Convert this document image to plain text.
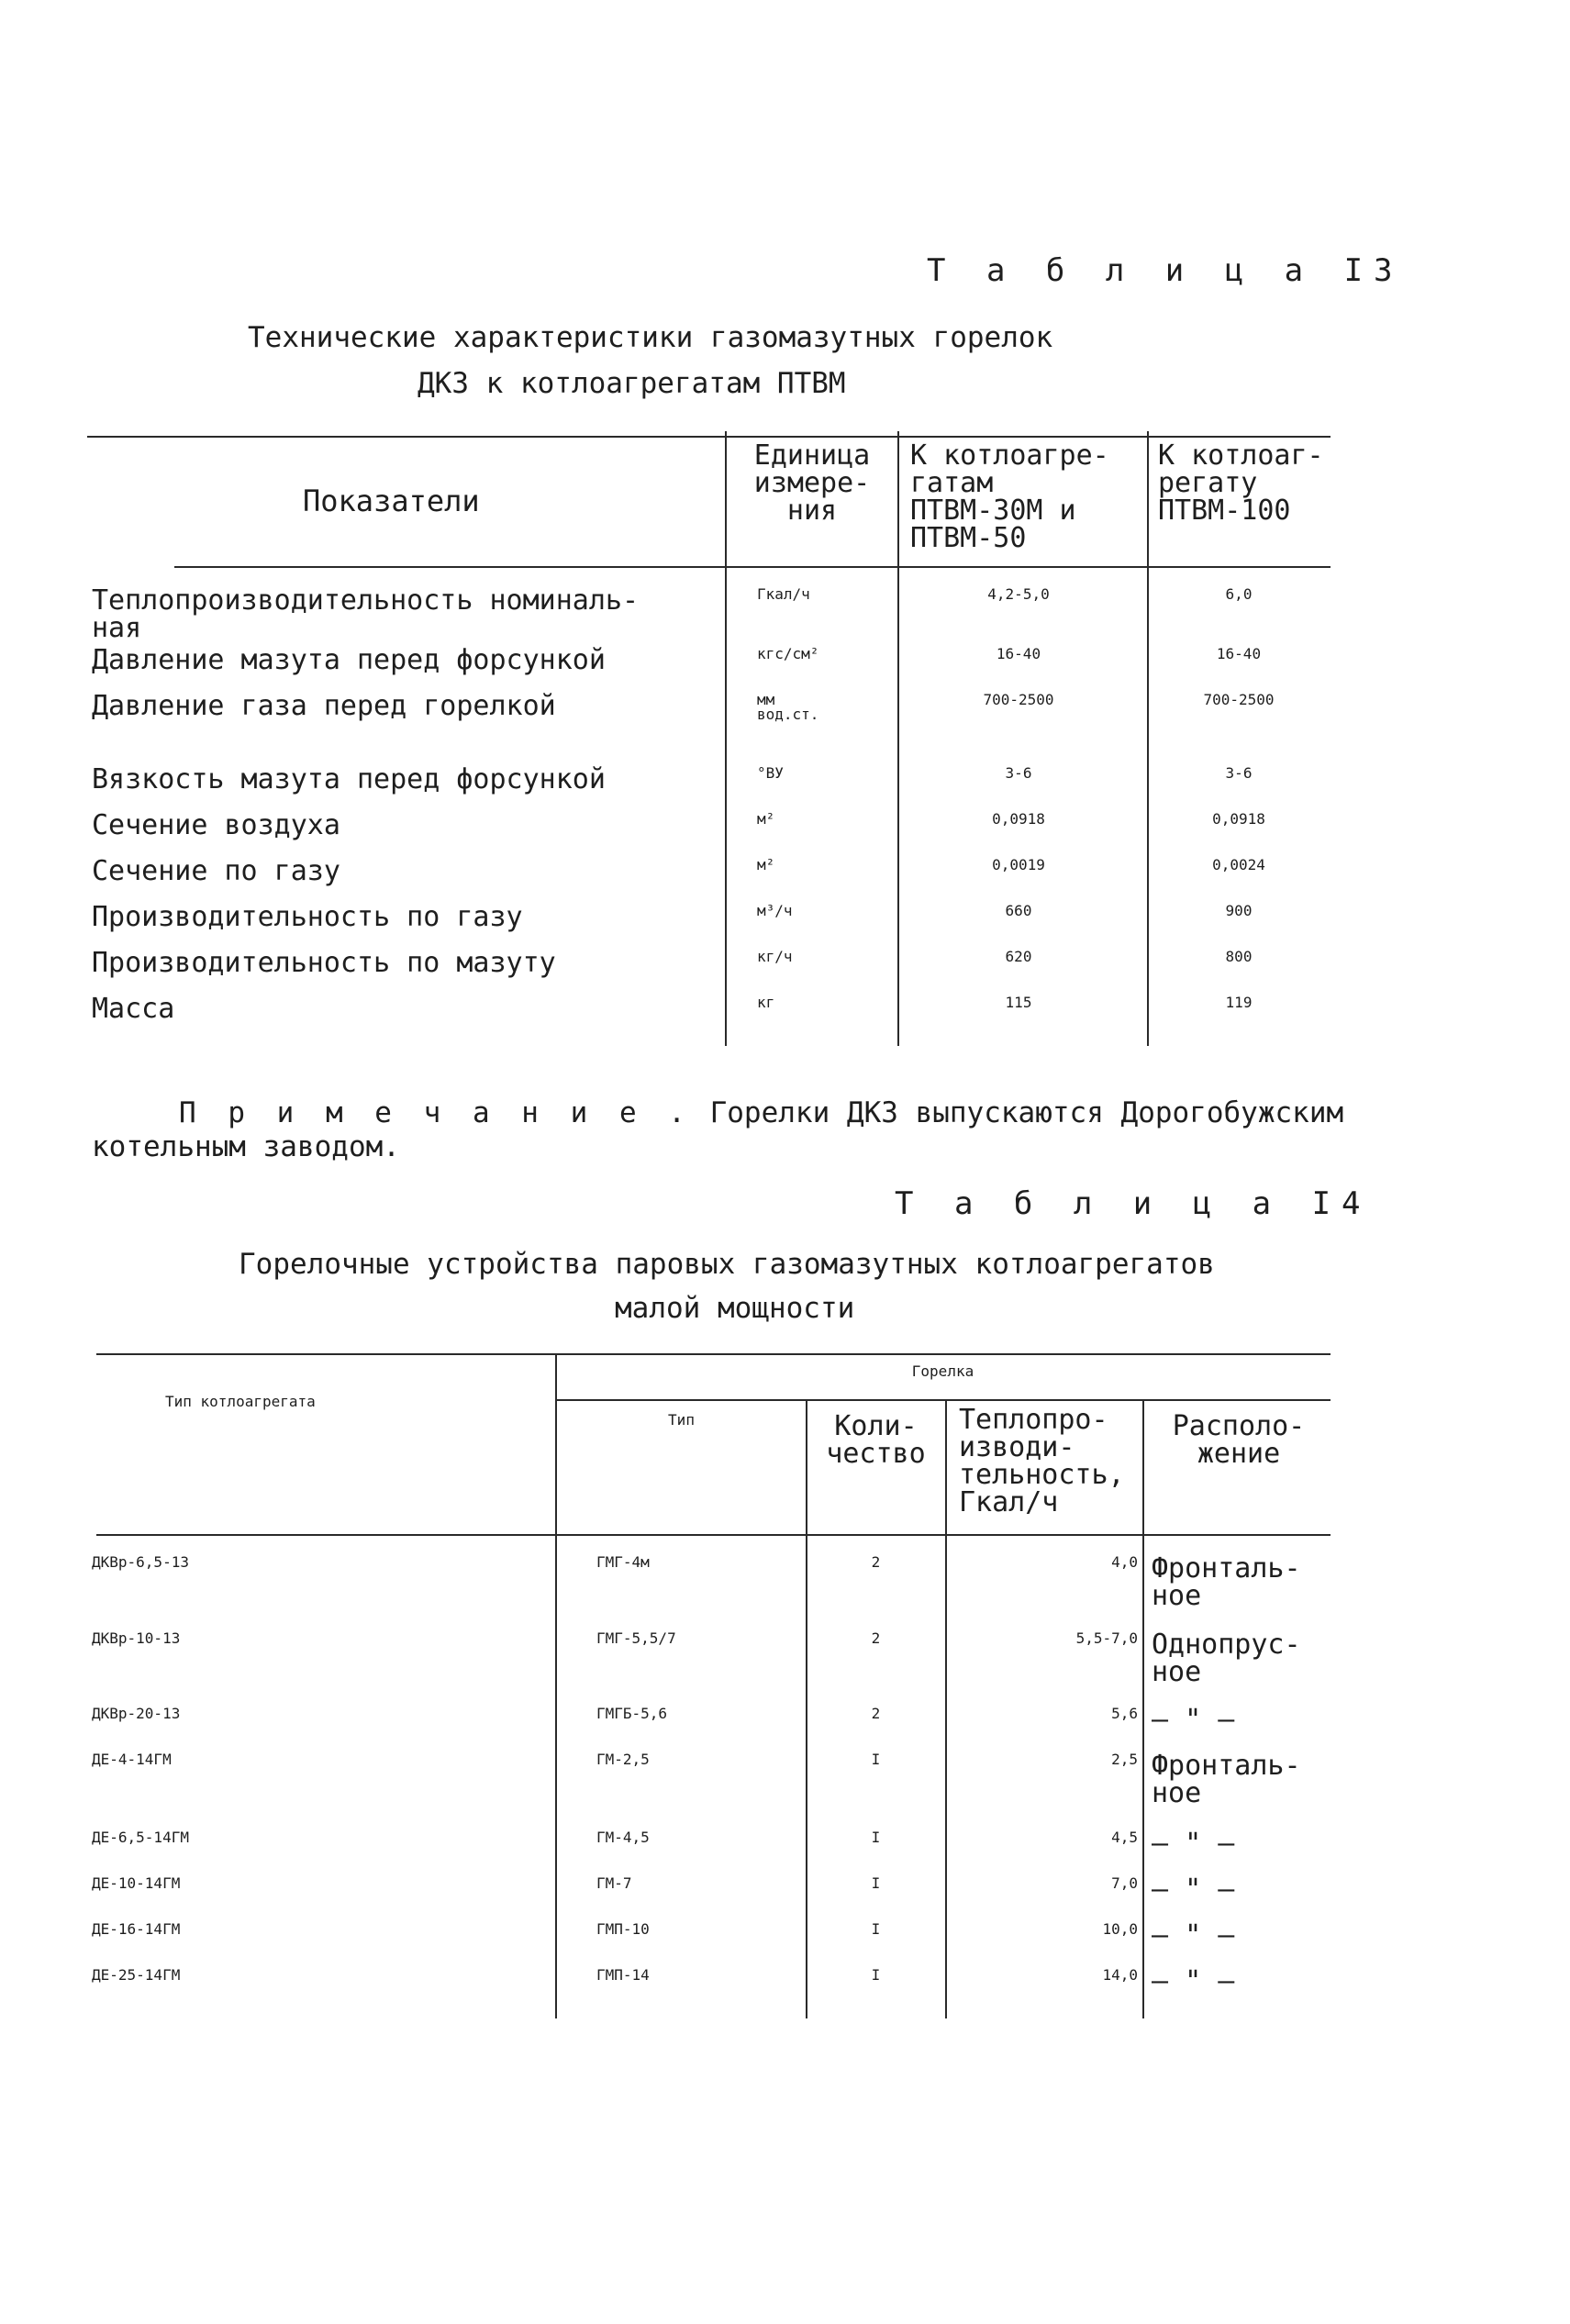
Т а б л и ц а I3
Технические характеристики газомазутных горелок
ДКЗ к котлоагрегатам ПТВМ
Показатели
Единица
измере-
ния
К котлоагре-
гатам
ПТВМ-30М и
ПТВМ-50
К котлоаг-
регату
ПТВМ-100
Теплопроизводительность номиналь-
ная
Гкал/ч	4,2-5,0	6,0
Давление мазута перед форсункой	кгс/см²	16-40	16-40
Давление газа перед горелкой	мм
вод.ст.
700-2500	700-2500
Вязкость мазута перед форсункой	°ВУ	3-6	3-6
Сечение воздуха	м²	0,0918	0,0918
Сечение по газу	м²	0,0019	0,0024
Производительность по газу	м³/ч	660	900
Производительность по мазуту	кг/ч	620	800
Масса	кг	115	119
П р и м е ч а н и е . Горелки ДКЗ выпускаются Дорогобужским
котельным заводом.
Т а б л и ц а I4
Горелочные устройства паровых газомазутных котлоагрегатов
малой мощности
Тип котлоагрегата
Горелка
Тип	Коли-
чество
Теплопро-
изводи-
тельность,
Гкал/ч
Располо-
жение
ДКВр-6,5-13	ГМГ-4м	2	4,0 Фронталь-
ное
ДКВр-10-13	ГМГ-5,5/7	2	5,5-7,0 Однопрус-
ное
ДКВр-20-13	ГМГБ-5,6	2	5,6 – " –
ДЕ-4-14ГМ	ГМ-2,5	I	2,5 Фронталь-
ное
ДЕ-6,5-14ГМ	ГМ-4,5	I	4,5 – " –
ДЕ-10-14ГМ	ГМ-7	I	7,0 – " –
ДЕ-16-14ГМ	ГМП-10	I	10,0 – " –
ДЕ-25-14ГМ	ГМП-14	I	14,0 – " –
